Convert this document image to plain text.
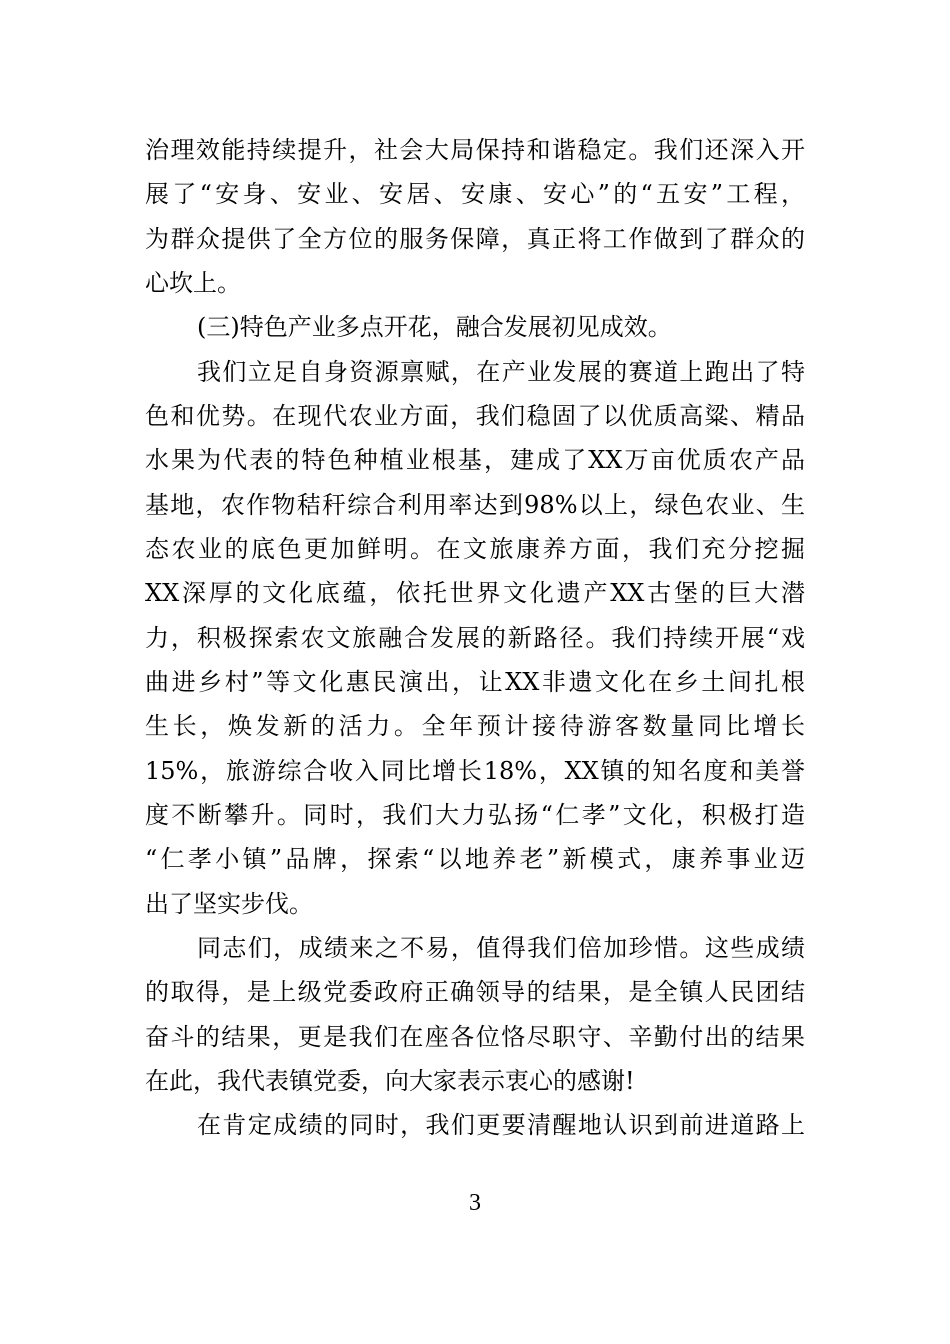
治理效能持续提升，社会大局保持和谐稳定。我们还深入开
展了“安身、安业、安居、安康、安心”的“五安”工程，
为群众提供了全方位的服务保障，真正将工作做到了群众的
心坎上。
(三)特色产业多点开花，融合发展初见成效。
我们立足自身资源禀赋，在产业发展的赛道上跑出了特
色和优势。在现代农业方面，我们稳固了以优质高粱、精品
水果为代表的特色种植业根基，建成了XX万亩优质农产品
基地，农作物秸秆综合利用率达到98%以上，绿色农业、生
态农业的底色更加鲜明。在文旅康养方面，我们充分挖掘
XX深厚的文化底蕴，依托世界文化遗产XX古堡的巨大潜
力，积极探索农文旅融合发展的新路径。我们持续开展“戏
曲进乡村”等文化惠民演出，让XX非遗文化在乡土间扎根
生长，焕发新的活力。全年预计接待游客数量同比增长
15%，旅游综合收入同比增长18%，XX镇的知名度和美誉
度不断攀升。同时，我们大力弘扬“仁孝”文化，积极打造
“仁孝小镇”品牌，探索“以地养老”新模式，康养事业迈
出了坚实步伐。
同志们，成绩来之不易，值得我们倍加珍惜。这些成绩
的取得，是上级党委政府正确领导的结果，是全镇人民团结
奋斗的结果，更是我们在座各位恪尽职守、辛勤付出的结果
在此，我代表镇党委，向大家表示衷心的感谢!
在肯定成绩的同时，我们更要清醒地认识到前进道路上
3
